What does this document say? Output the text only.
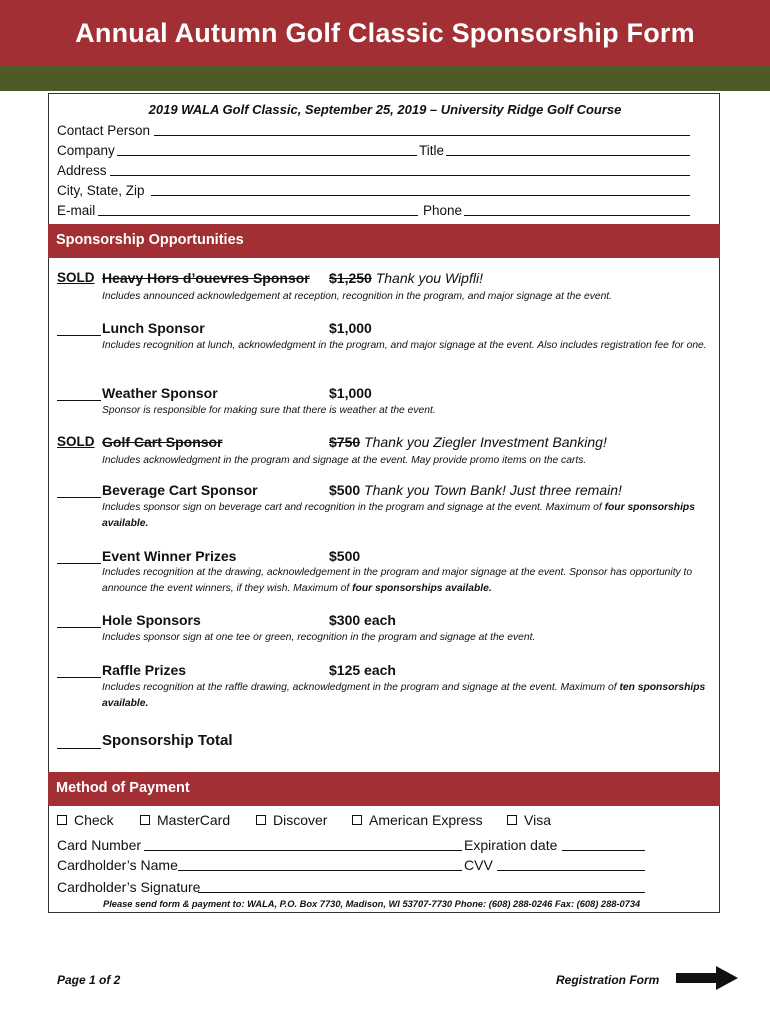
Annual Autumn Golf Classic Sponsorship Form
2019 WALA Golf Classic, September 25, 2019 – University Ridge Golf Course
Contact Person
Company	Title
Address
City, State, Zip
E-mail	Phone
Sponsorship Opportunities
SOLD Heavy Hors d’ouevres Sponsor $1,250 Thank you Wipfli!
Includes announced acknowledgement at reception, recognition in the program, and major signage at the event.
Lunch Sponsor	$1,000
Includes recognition at lunch, acknowledgment in the program, and major signage at the event. Also includes registration fee for one.
Weather Sponsor	$1,000
Sponsor is responsible for making sure that there is weather at the event.
SOLD Golf Cart Sponsor	$750 Thank you Ziegler Investment Banking!
Includes acknowledgment in the program and signage at the event. May provide promo items on the carts.
Beverage Cart Sponsor	$500 Thank you Town Bank! Just three remain!
Includes sponsor sign on beverage cart and recognition in the program and signage at the event. Maximum of four sponsorships available.
Event Winner Prizes	$500
Includes recognition at the drawing, acknowledgement in the program and major signage at the event. Sponsor has opportunity to announce the event winners, if they wish. Maximum of four sponsorships available.
Hole Sponsors	$300 each
Includes sponsor sign at one tee or green, recognition in the program and signage at the event.
Raffle Prizes	$125 each
Includes recognition at the raffle drawing, acknowledgment in the program and signage at the event. Maximum of ten sponsorships available.
Sponsorship Total
Method of Payment
Check	MasterCard	Discover	American Express	Visa
Card Number	Expiration date
Cardholder’s Name	CVV
Cardholder’s Signature
Please send form & payment to: WALA, P.O. Box 7730, Madison, WI 53707-7730 Phone: (608) 288-0246 Fax: (608) 288-0734
Page 1 of 2	Registration Form
